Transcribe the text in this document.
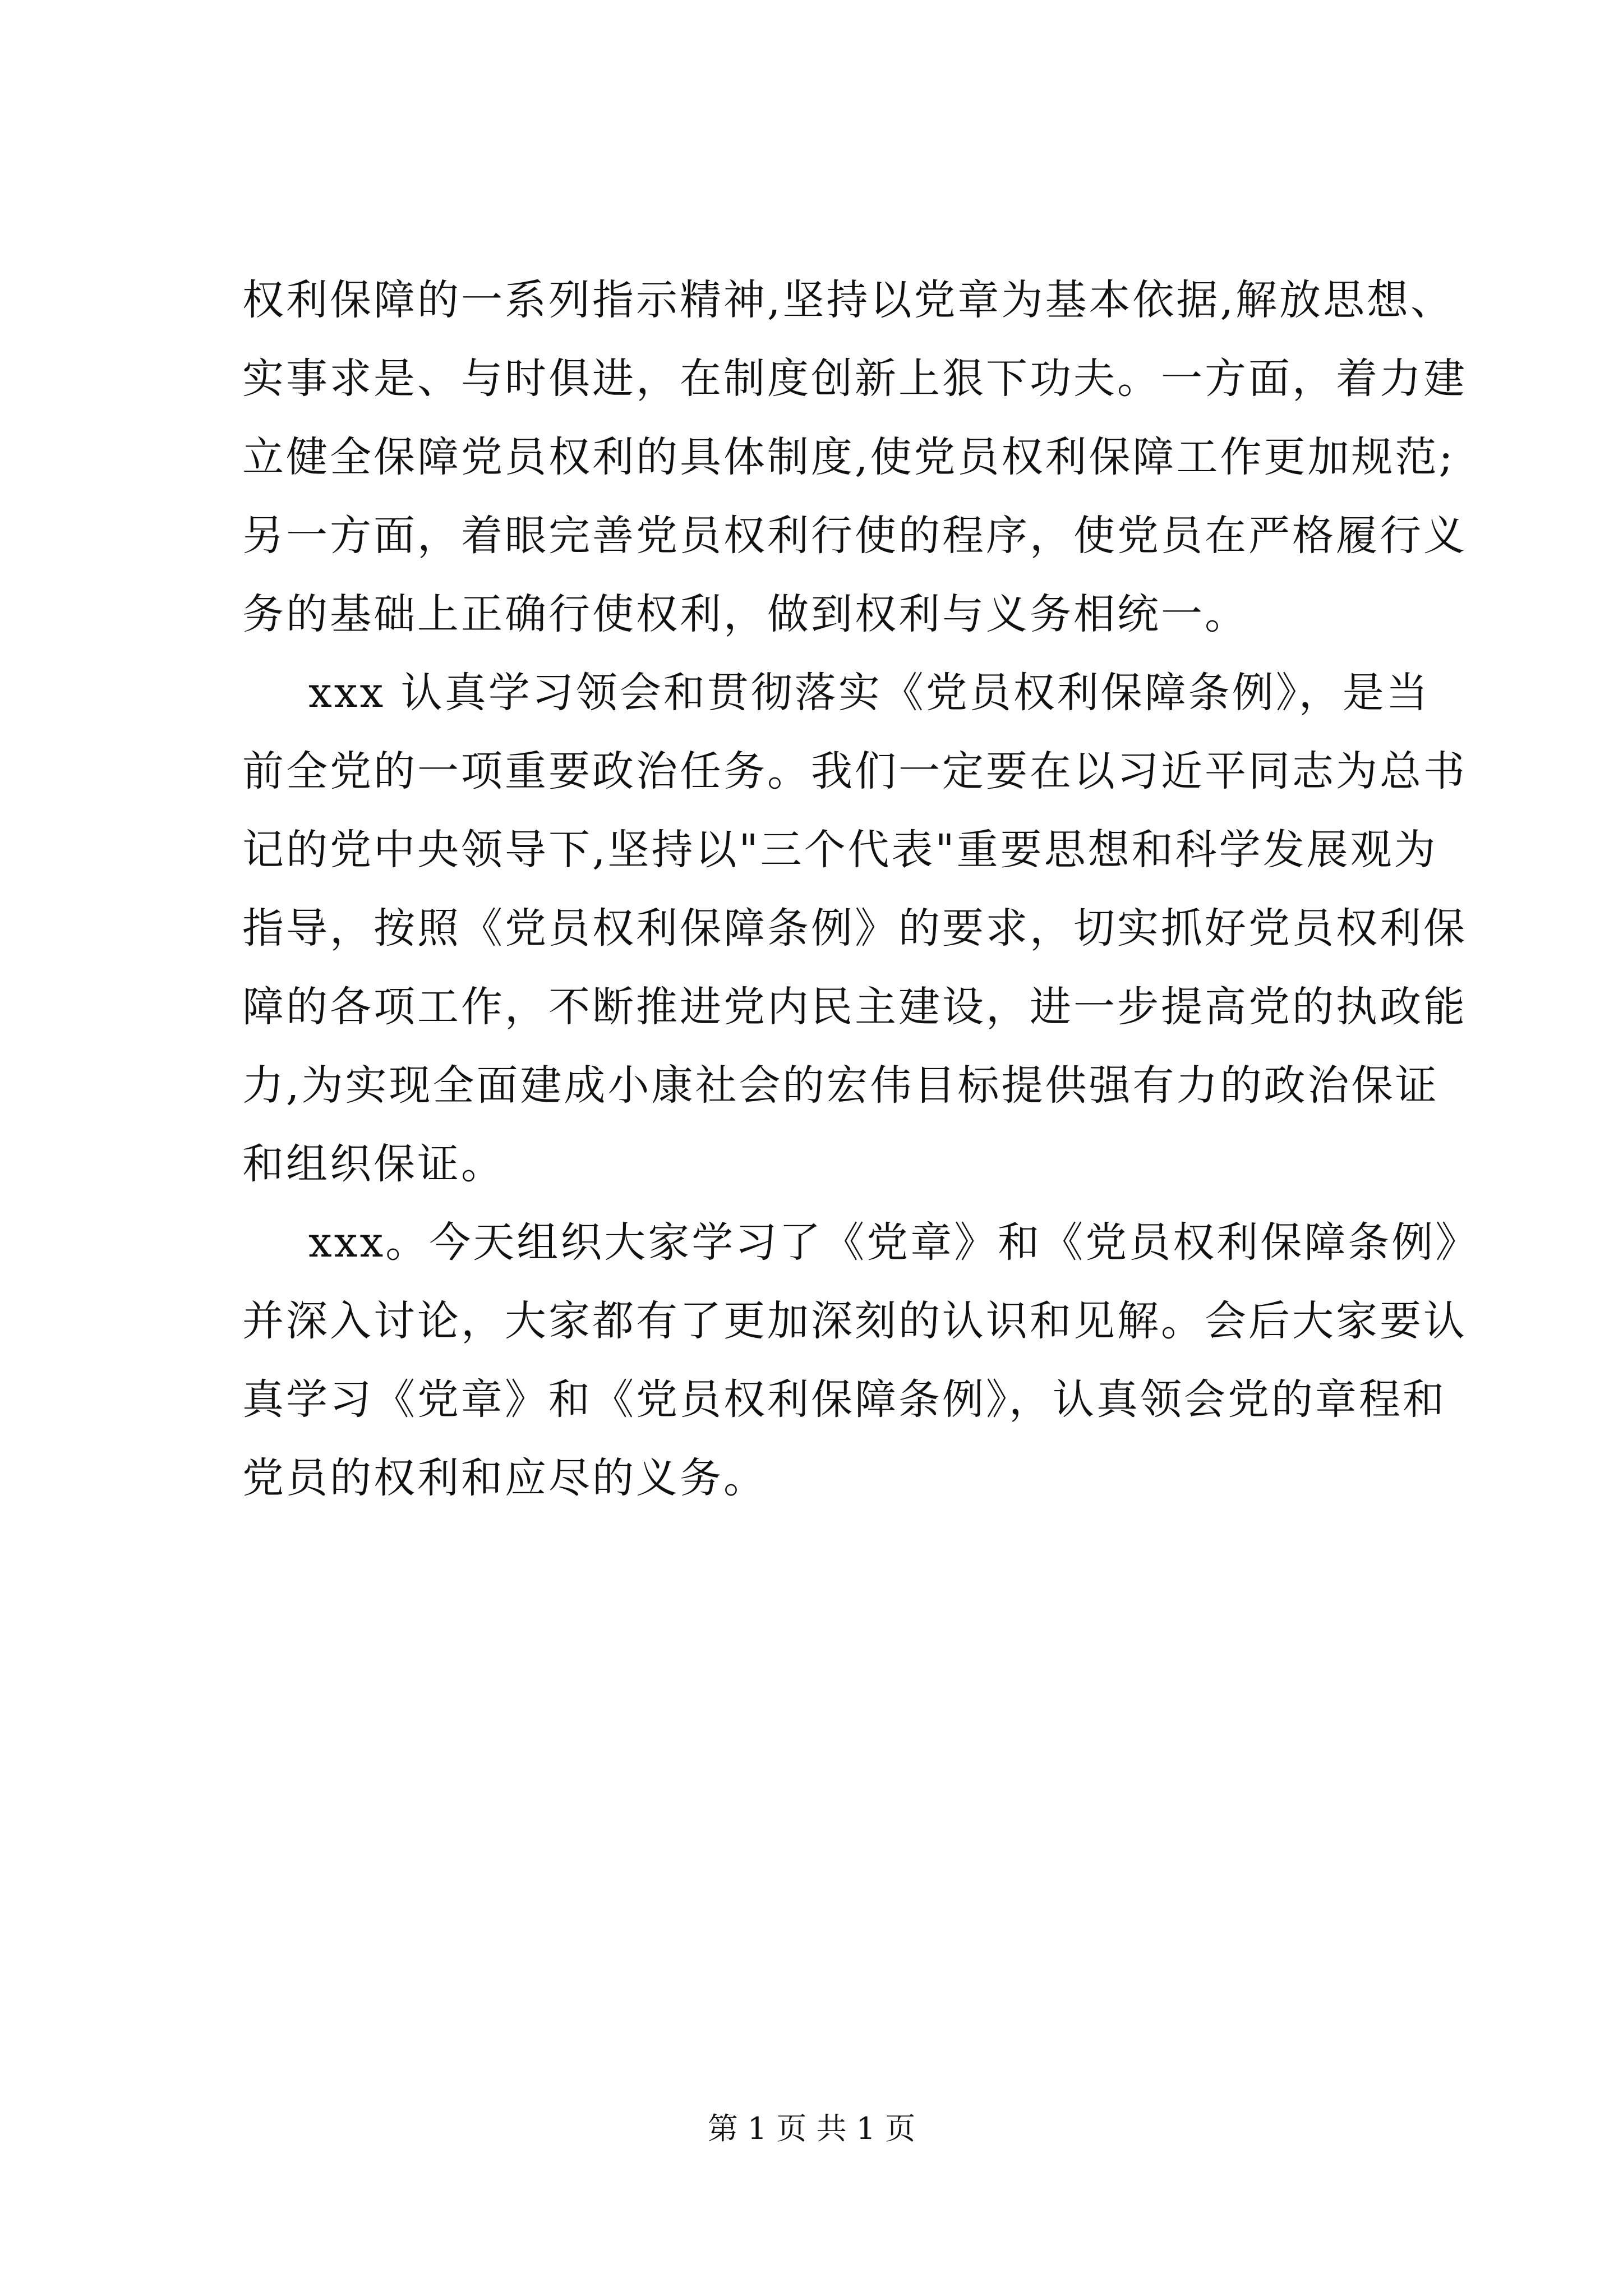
权利保障的一系列指示精神,坚持以党章为基本依据,解放思想、
实事求是、与时俱进，在制度创新上狠下功夫。一方面，着力建
立健全保障党员权利的具体制度,使党员权利保障工作更加规范;
另一方面，着眼完善党员权利行使的程序，使党员在严格履行义
务的基础上正确行使权利，做到权利与义务相统一。
xxx 认真学习领会和贯彻落实《党员权利保障条例》，是当
前全党的一项重要政治任务。我们一定要在以习近平同志为总书
记的党中央领导下,坚持以"三个代表"重要思想和科学发展观为
指导，按照《党员权利保障条例》的要求，切实抓好党员权利保
障的各项工作，不断推进党内民主建设，进一步提高党的执政能
力,为实现全面建成小康社会的宏伟目标提供强有力的政治保证
和组织保证。
xxx。今天组织大家学习了《党章》和《党员权利保障条例》
并深入讨论，大家都有了更加深刻的认识和见解。会后大家要认
真学习《党章》和《党员权利保障条例》，认真领会党的章程和
党员的权利和应尽的义务。
第 1 页 共 1 页
